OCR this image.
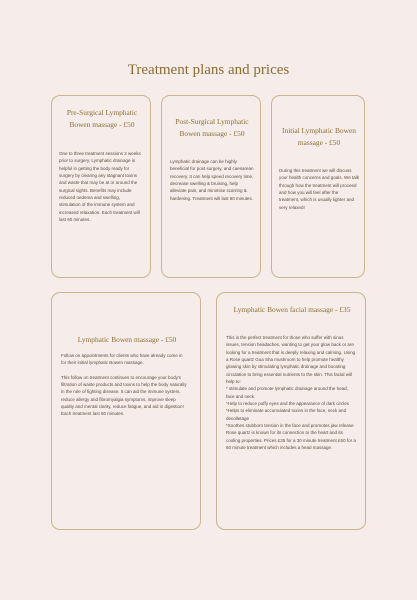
Treatment plans and prices
Pre-Surgical Lymphatic Bowen massage - £50

One to three treatment sessions 2 weeks prior to surgery. Lymphatic drainage is helpful in getting the body ready for surgery by clearing any stagnant toxins and waste that may be at or around the surgical sights. Benefits may include reduced oedema and swelling, stimulation of the immune system and increased relaxation. Each treatment will last 60 minutes.

Post-Surgical Lymphatic Bowen massage - £50

Lymphatic drainage can be highly beneficial for post surgery, and caesarean recovery. It can help speed recovery time, decrease swelling & bruising, help alleviate pain, and minimise scarring & hardening. Treatment will last 60 minutes.

Initial Lymphatic Bowen massage - £50

During this treatment we will discuss your health concerns and goals. We talk through how the treatment will proceed and how you will feel after the treatment, which is usually lighter and very relaxed!

Lymphatic Bowen massage - £50

Follow on appointments for clients who have already come in for their initial lymphatic Bowen massage.

This follow on treatment continues to encourage your body's filtration of waste products and toxins to help the body naturally in the role of fighting disease. It can aid the immune system, reduce allergy and fibromyalgia symptoms, improve sleep quality and mental clarity, reduce fatigue, and aid in digestion! Each treatment last 60 minutes.

Lymphatic Bowen facial massage - £35

This is the perfect treatment for those who suffer with sinus issues, tension headaches, wanting to get your glow back or are looking for a treatment that is deeply relaxing and calming. Using a Rose quartz Gua Sha mushroom to help promote healthy glowing skin by stimulating lymphatic drainage and boosting circulation to bring essential nutrients to the skin. This facial will help to:

* stimulate and promote lymphatic drainage around the head, face and neck.

*Help to reduce puffy eyes and the appearance of dark circles

*Helps to eliminate accumulated toxins in the face, neck and decolletage

*Soothes stubborn tension in the face and promotes jaw release

Rose quartz is known for its connection to the heart and its cooling properties. Prices £35 for a 30 minute treatment £50 for a 60 minute treatment which includes a head massage.
